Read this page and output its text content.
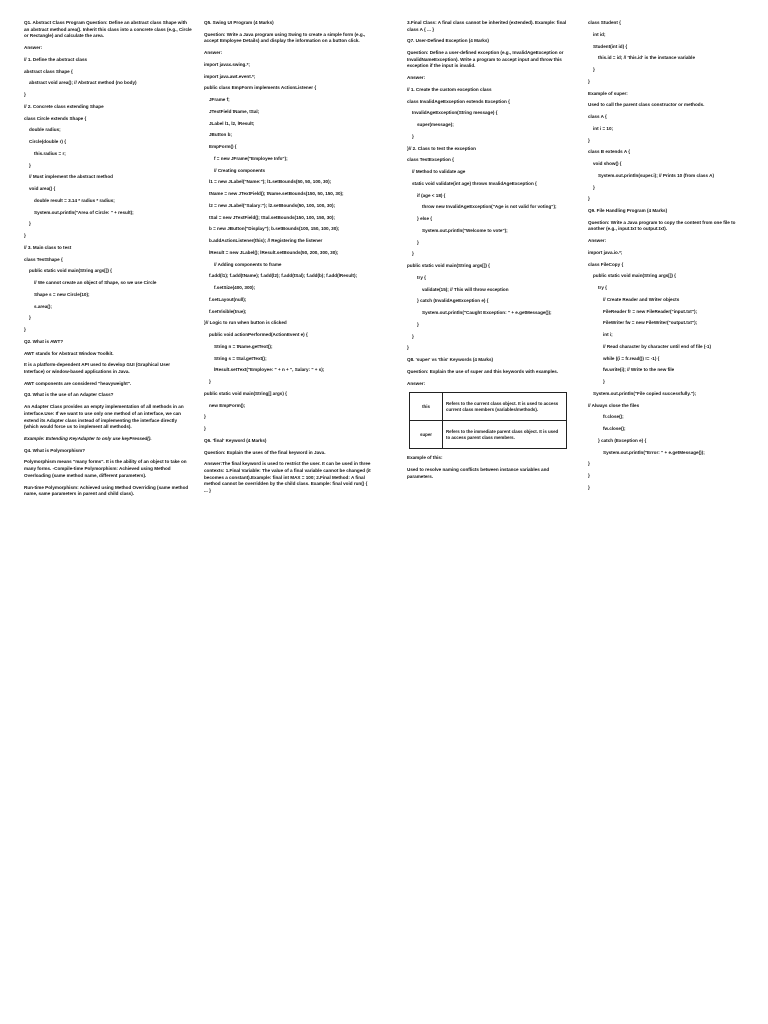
Q1. Abstract Class Program Question: Define an abstract class Shape with an abstract method area(). Inherit this class into a concrete class (e.g., Circle or Rectangle) and calculate the area.

Answer:

// 1. Define the abstract class

abstract class Shape {

abstract void area(); // Abstract method (no body)

}

// 2. Concrete class extending Shape

class Circle extends Shape {

double radius;

Circle(double r) {

this.radius = r;

}

// Must implement the abstract method

void area() {

double result = 3.14 * radius * radius;

System.out.println("Area of Circle: " + result);

}

}

// 3. Main class to test

class TestShape {

public static void main(String args[]) {

// We cannot create an object of Shape, so we use Circle

Shape s = new Circle(10);

s.area();

}

}

Q2. What is AWT?

AWT stands for Abstract Window Toolkit.

It is a platform-dependent API used to develop GUI (Graphical User Interface) or window-based applications in Java.

AWT components are considered "heavyweight".

Q3. What is the use of an Adapter Class?

An Adapter Class provides an empty implementation of all methods in an interface.Use: If we want to use only one method of an interface, we can extend its Adapter class instead of implementing the interface directly (which would force us to implement all methods).

Example: Extending KeyAdapter to only use keyPressed().

Q4. What is Polymorphism?

Polymorphism means "many forms". It is the ability of an object to take on many forms. -Compile-time Polymorphism: Achieved using Method Overloading (same method name, different parameters).

Run-time Polymorphism: Achieved using Method Overriding (same method name, same parameters in parent and child class).

Q5. Swing UI Program (4 Marks)

Question: Write a Java program using Swing to create a simple form (e.g., accept Employee Details) and display the information on a button click.

Answer:

import javax.swing.*;

import java.awt.event.*;

public class EmpForm implements ActionListener {

JFrame f;

JTextField tName, tSal;

JLabel l1, l2, lResult;

JButton b;

EmpForm() {

f = new JFrame("Employee Info");

// Creating components

l1 = new JLabel("Name:"); l1.setBounds(50, 50, 100, 30);

tName = new JTextField(); tName.setBounds(150, 50, 150, 30);

l2 = new JLabel("Salary:"); l2.setBounds(50, 100, 100, 30);

tSal = new JTextField(); tSal.setBounds(150, 100, 150, 30);

b = new JButton("Display"); b.setBounds(100, 150, 100, 30);

b.addActionListener(this); // Registering the listener

lResult = new JLabel(); lResult.setBounds(50, 200, 300, 30);

// Adding components to frame

f.add(l1); f.add(tName); f.add(l2); f.add(tSal); f.add(b); f.add(lResult);

f.setSize(400, 300);

f.setLayout(null);

f.setVisible(true);

}// Logic to run when button is clicked

public void actionPerformed(ActionEvent e) {

String n = tName.getText();

String s = tSal.getText();

lResult.setText("Employee: " + n + ", Salary: " + s);

}

public static void main(String[] args) {

new EmpForm();

}

}

Q6. 'final' Keyword (4 Marks)

Question: Explain the uses of the final keyword in Java.

Answer:The final keyword is used to restrict the user. It can be used in three contexts: 1.Final Variable: The value of a final variable cannot be changed (it becomes a constant).Example: final int MAX = 100; 2.Final Method: A final method cannot be overridden by the child class. Example: final void run() { ... }

3.Final Class: A final class cannot be inherited (extended). Example: final class A { ... }

Q7. User-Defined Exception (4 Marks)

Question: Define a user-defined exception (e.g., InvalidAgeException or InvalidNameException). Write a program to accept input and throw this exception if the input is invalid.

Answer:

// 1. Create the custom exception class

class InvalidAgeException extends Exception {

InvalidAgeException(String message) {

super(message);

}

}// 2. Class to test the exception

class TestException {

// Method to validate age

static void validate(int age) throws InvalidAgeException {

if (age < 18) {

throw new InvalidAgeException("Age is not valid for voting");

} else {

System.out.println("Welcome to vote");

}

}

public static void main(String args[]) {

try {

validate(15); // This will throw exception

} catch (InvalidAgeException e) {

System.out.println("Caught Exception: " + e.getMessage());

}

}

}

Q8. 'super' vs 'this' Keywords (4 Marks)

Question: Explain the use of super and this keywords with examples.

Answer:

this	Refers to the current class object. It is used to access current class members (variables/methods).
super	Refers to the immediate parent class object. It is used to access parent class members.

Example of this:

Used to resolve naming conflicts between instance variables and parameters.

class Student {

int id;

Student(int id) {

this.id = id; // 'this.id' is the instance variable

}

}

Example of super:

Used to call the parent class constructor or methods.

class A {

int i = 10;

}

class B extends A {

void show() {

System.out.println(super.i); // Prints 10 (from class A)

}

}

Q9. File Handling Program (4 Marks)

Question: Write a Java program to copy the content from one file to another (e.g., input.txt to output.txt).

Answer:

import java.io.*;

class FileCopy {

public static void main(String args[]) {

try {

// Create Reader and Writer objects

FileReader fr = new FileReader("input.txt");

FileWriter fw = new FileWriter("output.txt");

int i;

// Read character by character until end of file (-1)

while ((i = fr.read()) != -1) {

fw.write(i); // Write to the new file

}

System.out.println("File copied successfully.");

// Always close the files

fr.close();

fw.close();

} catch (Exception e) {

System.out.println("Error: " + e.getMessage());

}

}

}
